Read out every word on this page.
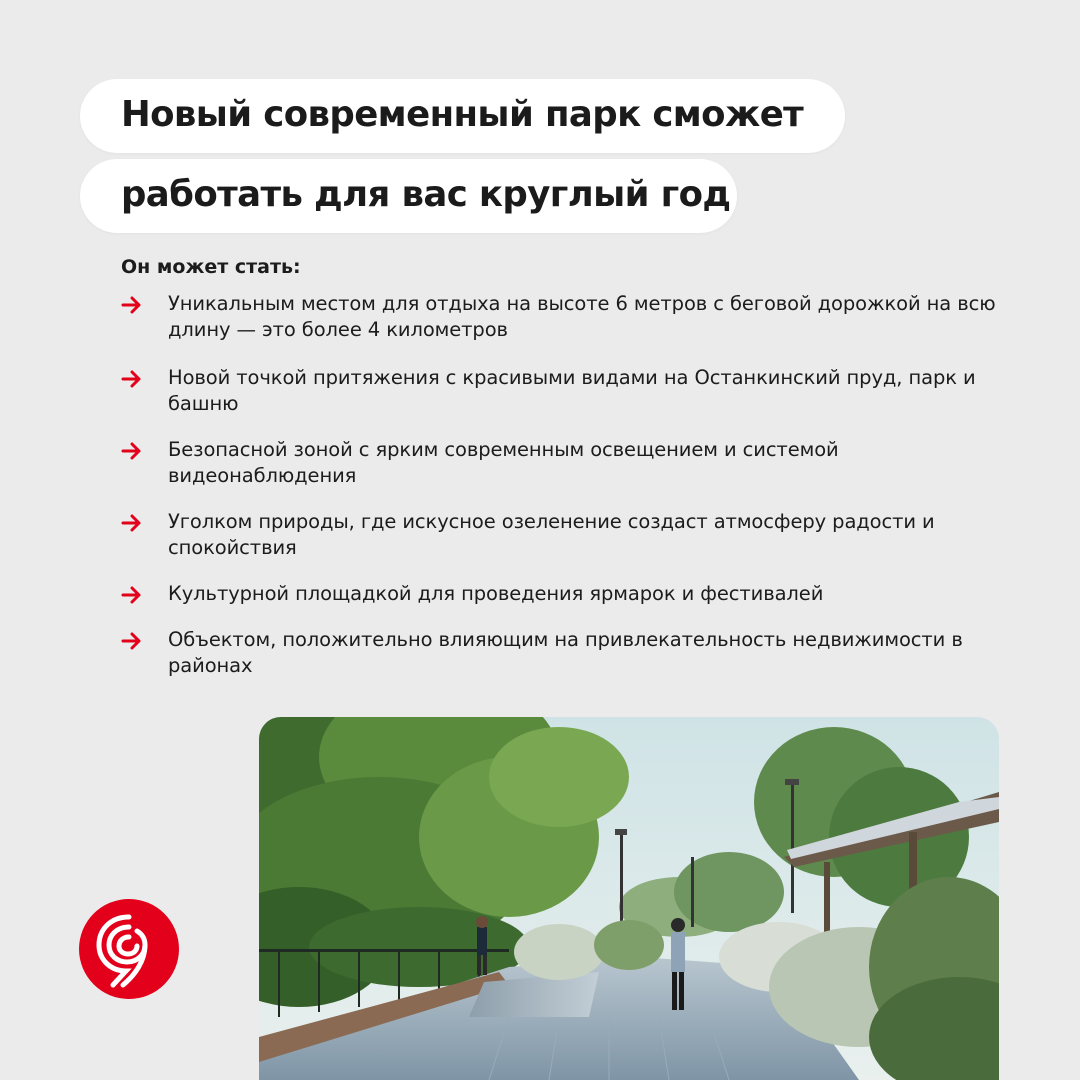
Новый современный парк сможет
работать для вас круглый год
Он может стать:
Уникальным местом для отдыха на высоте 6 метров с беговой дорожкой на всю длину — это более 4 километров
Новой точкой притяжения с красивыми видами на Останкинский пруд, парк и башню
Безопасной зоной с ярким современным освещением и системой видеонаблюдения
Уголком природы, где искусное озеленение создаст атмосферу радости и спокойствия
Культурной площадкой для проведения ярмарок и фестивалей
Объектом, положительно влияющим на привлекательность недвижимости в районах
